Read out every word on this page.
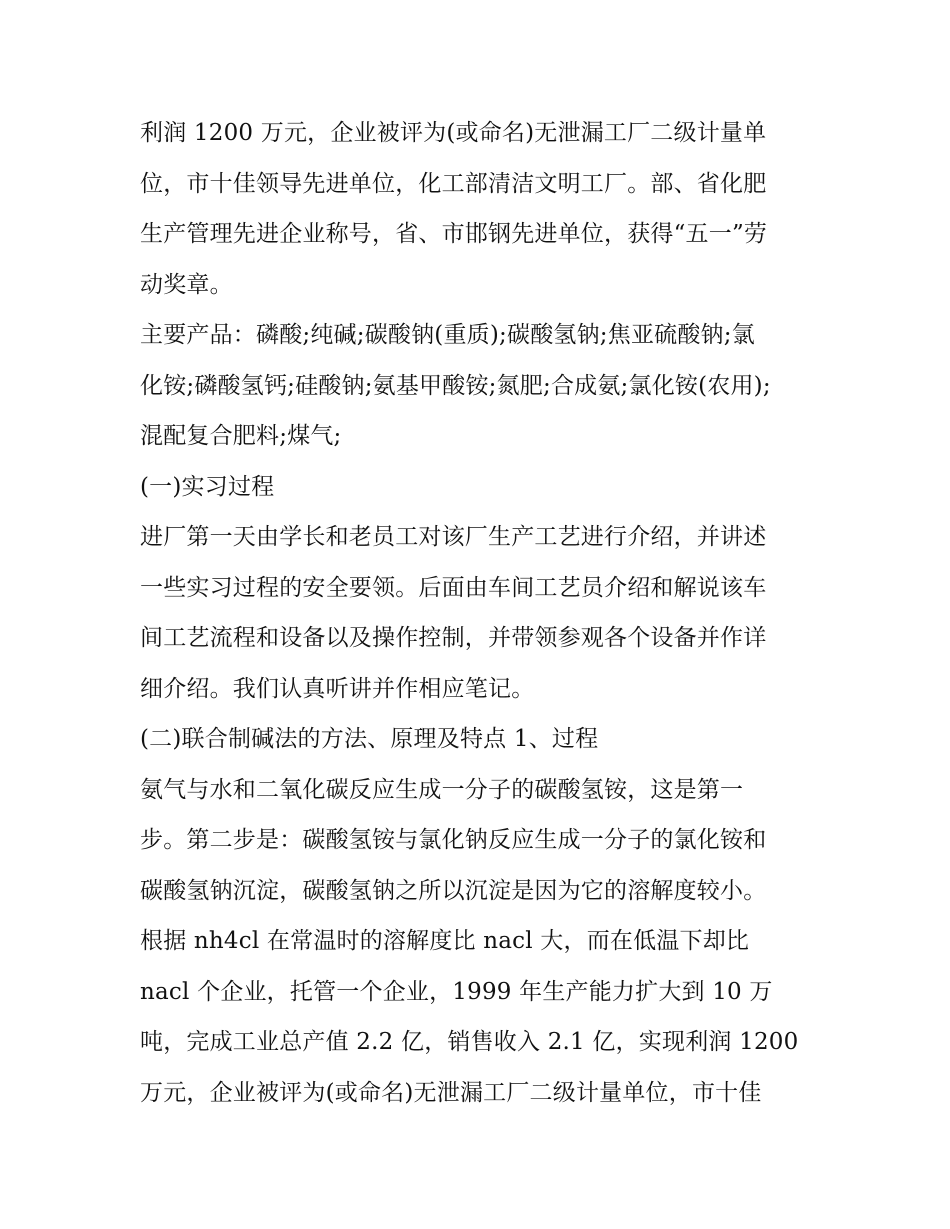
利润 1200 万元，企业被评为(或命名)无泄漏工厂二级计量单
位，市十佳领导先进单位，化工部清洁文明工厂。部、省化肥
生产管理先进企业称号，省、市邯钢先进单位，获得“五一”劳
动奖章。
主要产品：磷酸;纯碱;碳酸钠(重质);碳酸氢钠;焦亚硫酸钠;氯
化铵;磷酸氢钙;硅酸钠;氨基甲酸铵;氮肥;合成氨;氯化铵(农用);
混配复合肥料;煤气;
(一)实习过程
进厂第一天由学长和老员工对该厂生产工艺进行介绍，并讲述
一些实习过程的安全要领。后面由车间工艺员介绍和解说该车
间工艺流程和设备以及操作控制，并带领参观各个设备并作详
细介绍。我们认真听讲并作相应笔记。
(二)联合制碱法的方法、原理及特点 1、过程
氨气与水和二氧化碳反应生成一分子的碳酸氢铵，这是第一
步。第二步是：碳酸氢铵与氯化钠反应生成一分子的氯化铵和
碳酸氢钠沉淀，碳酸氢钠之所以沉淀是因为它的溶解度较小。
根据 nh4cl 在常温时的溶解度比 nacl 大，而在低温下却比
nacl 个企业，托管一个企业，1999 年生产能力扩大到 10 万
吨，完成工业总产值 2.2 亿，销售收入 2.1 亿，实现利润 1200
万元，企业被评为(或命名)无泄漏工厂二级计量单位，市十佳
